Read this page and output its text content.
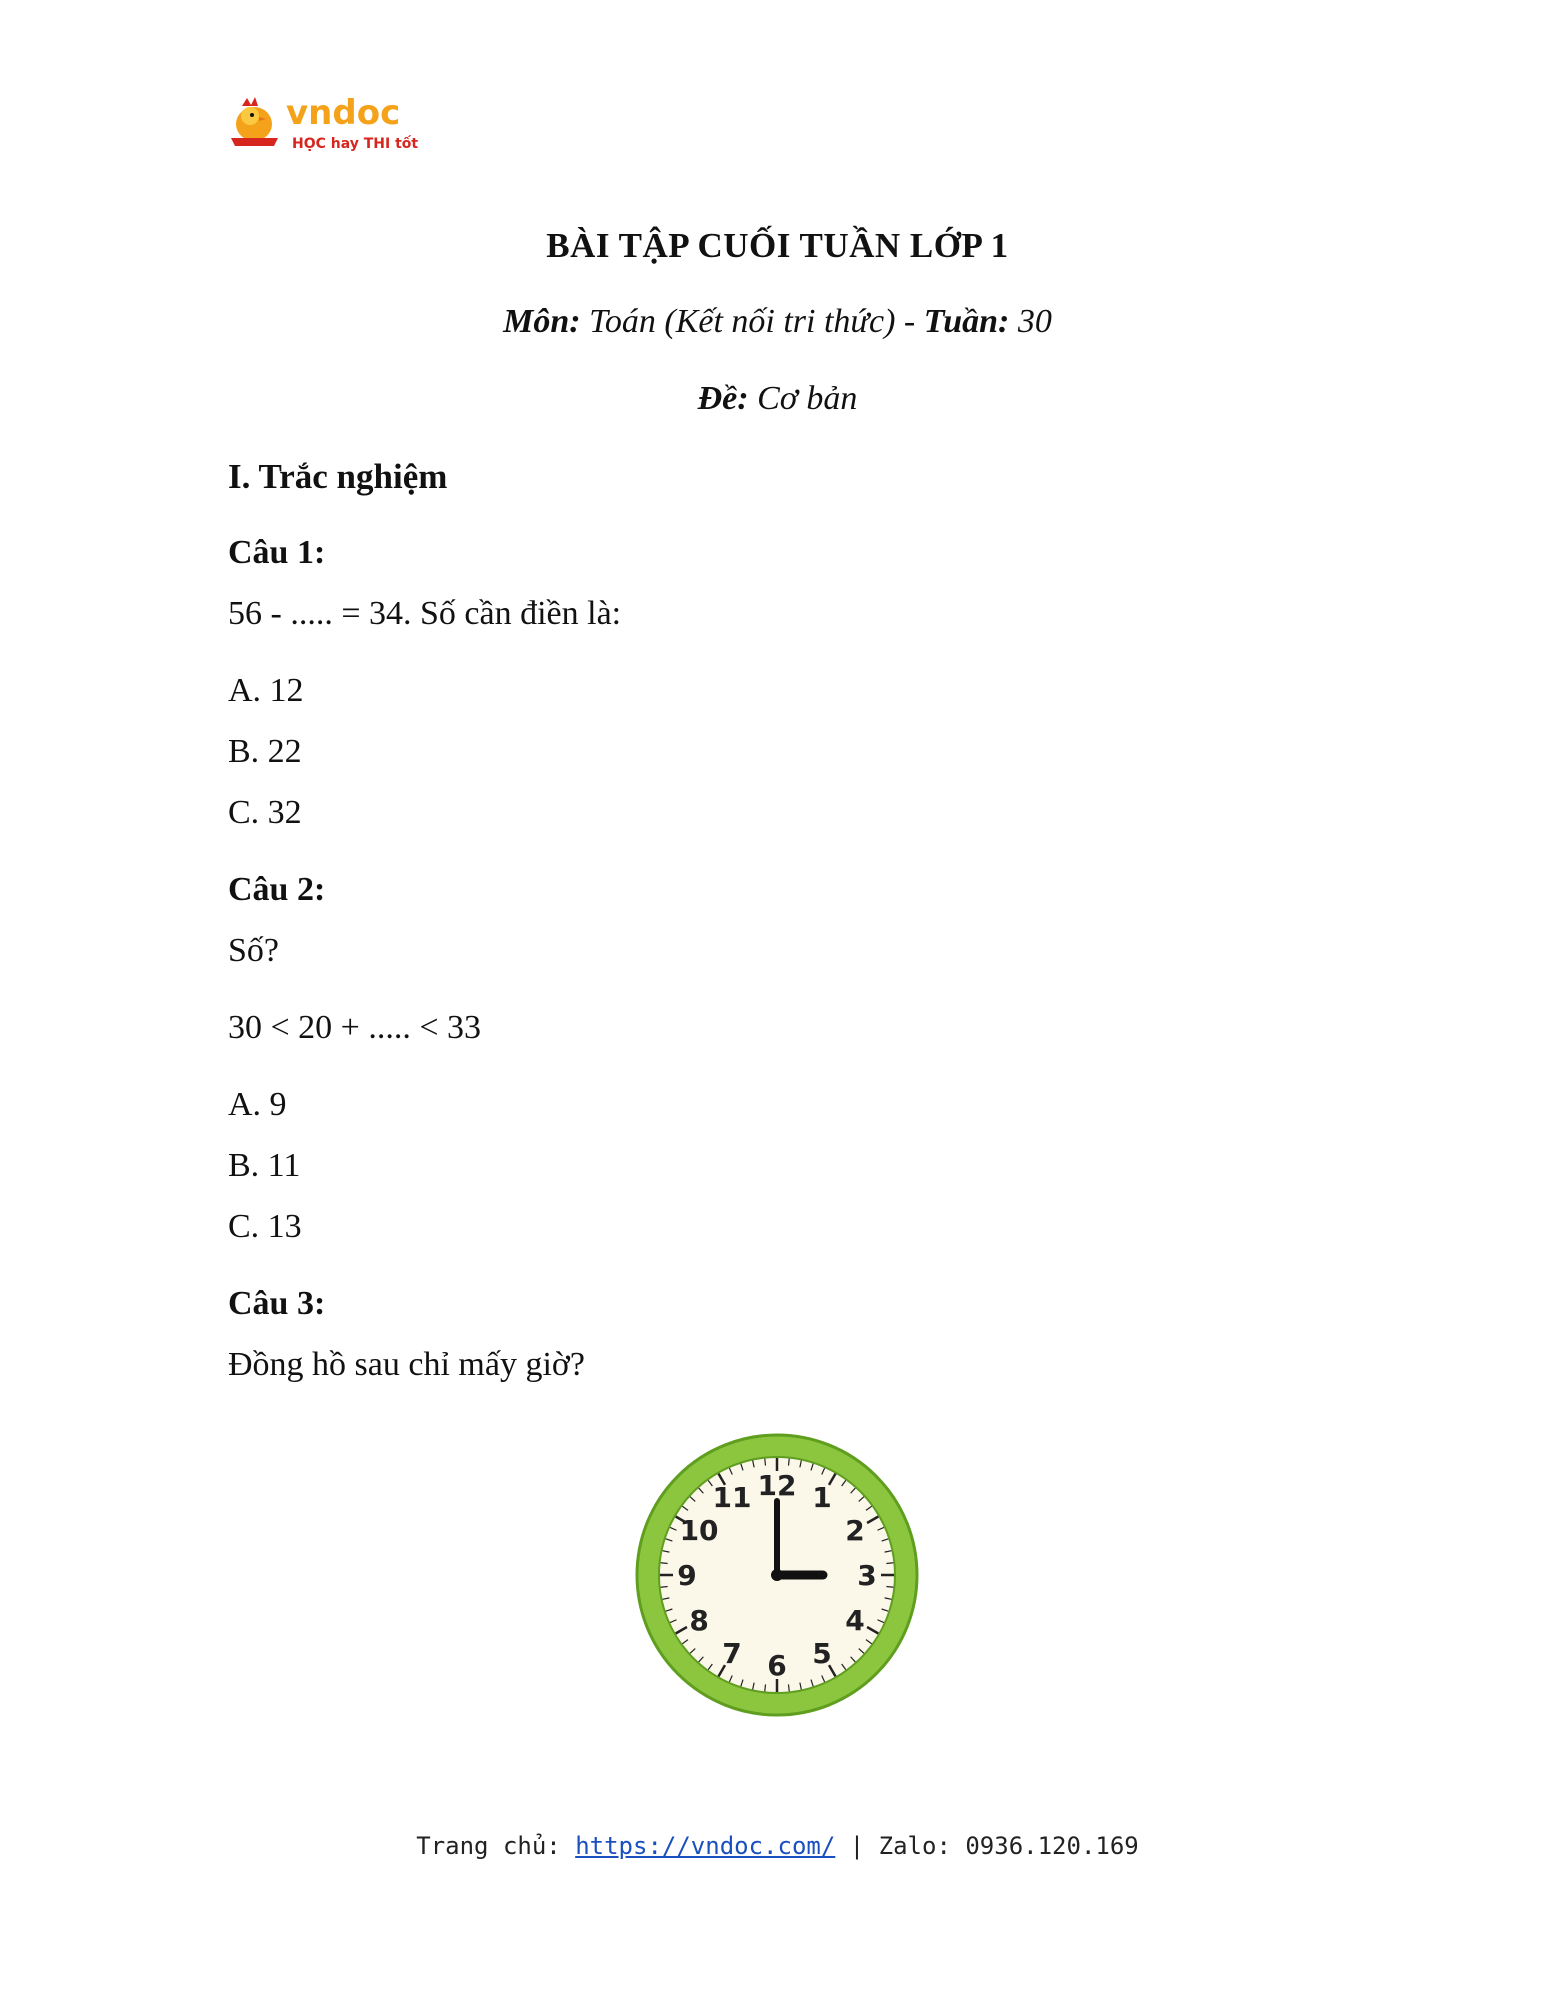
vndoc
HỌC hay THI tốt
BÀI TẬP CUỐI TUẦN LỚP 1
Môn: Toán (Kết nối tri thức) - Tuần: 30
Đề: Cơ bản
I. Trắc nghiệm
Câu 1:
56 - ..... = 34. Số cần điền là:
A. 12
B. 22
C. 32
Câu 2:
Số?
30 < 20 + ..... < 33
A. 9
B. 11
C. 13
Câu 3:
Đồng hồ sau chỉ mấy giờ?
12 1
2
3
4
5
6
7
8
9
10
11
Trang chủ: https://vndoc.com/ | Zalo: 0936.120.169
